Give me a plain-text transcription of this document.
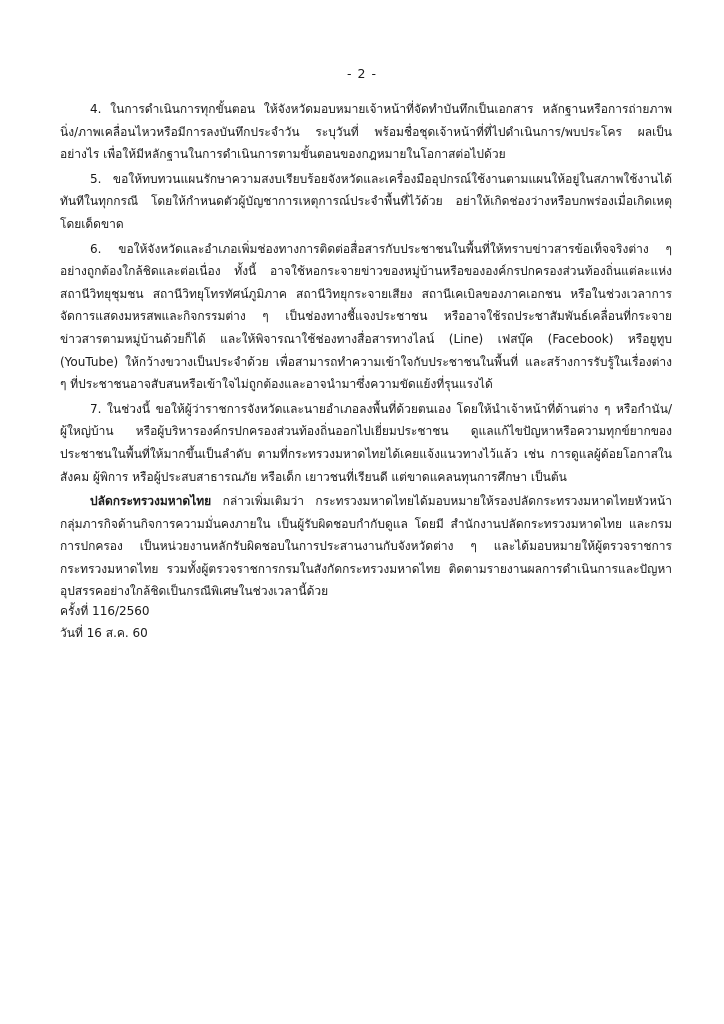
- 2 -

4. ในการดำเนินการทุกขั้นตอน ให้จังหวัดมอบหมายเจ้าหน้าที่จัดทำบันทึกเป็นเอกสาร หลักฐานหรือการถ่ายภาพนิ่ง/ภาพเคลื่อนไหวหรือมีการลงบันทึกประจำวัน ระบุวันที่ พร้อมชื่อชุดเจ้าหน้าที่ที่ไปดำเนินการ/พบประโคร ผลเป็นอย่างไร เพื่อให้มีหลักฐานในการดำเนินการตามขั้นตอนของกฎหมายในโอกาสต่อไปด้วย

5. ขอให้ทบทวนแผนรักษาความสงบเรียบร้อยจังหวัดและเครื่องมืออุปกรณ์ใช้งานตามแผนให้อยู่ในสภาพใช้งานได้ทันทีในทุกกรณี โดยให้กำหนดตัวผู้บัญชาการเหตุการณ์ประจำพื้นที่ไว้ด้วย อย่าให้เกิดช่องว่างหรือบกพร่องเมื่อเกิดเหตุโดยเด็ดขาด

6. ขอให้จังหวัดและอำเภอเพิ่มช่องทางการติดต่อสื่อสารกับประชาชนในพื้นที่ให้ทราบข่าวสารข้อเท็จจริงต่าง ๆ อย่างถูกต้องใกล้ชิดและต่อเนื่อง ทั้งนี้ อาจใช้หอกระจายข่าวของหมู่บ้านหรือขององค์กรปกครองส่วนท้องถิ่นแต่ละแห่ง สถานีวิทยุชุมชน สถานีวิทยุโทรทัศน์ภูมิภาค สถานีวิทยุกระจายเสียง สถานีเคเบิลของภาคเอกชน หรือในช่วงเวลาการจัดการแสดงมหรสพและกิจกรรมต่าง ๆ เป็นช่องทางชี้แจงประชาชน หรืออาจใช้รถประชาสัมพันธ์เคลื่อนที่กระจายข่าวสารตามหมู่บ้านด้วยก็ได้ และให้พิจารณาใช้ช่องทางสื่อสารทางไลน์ (Line) เฟสบุ๊ค (Facebook) หรือยูทูบ (YouTube) ให้กว้างขวางเป็นประจำด้วย เพื่อสามารถทำความเข้าใจกับประชาชนในพื้นที่ และสร้างการรับรู้ในเรื่องต่าง ๆ ที่ประชาชนอาจสับสนหรือเข้าใจไม่ถูกต้องและอาจนำมาซึ่งความขัดแย้งที่รุนแรงได้

7. ในช่วงนี้ ขอให้ผู้ว่าราชการจังหวัดและนายอำเภอลงพื้นที่ด้วยตนเอง โดยให้นำเจ้าหน้าที่ด้านต่าง ๆ หรือกำนัน/ผู้ใหญ่บ้าน หรือผู้บริหารองค์กรปกครองส่วนท้องถิ่นออกไปเยี่ยมประชาชน ดูแลแก้ไขปัญหาหรือความทุกข์ยากของประชาชนในพื้นที่ให้มากขึ้นเป็นลำดับ ตามที่กระทรวงมหาดไทยได้เคยแจ้งแนวทางไว้แล้ว เช่น การดูแลผู้ด้อยโอกาสในสังคม ผู้พิการ หรือผู้ประสบสาธารณภัย หรือเด็ก เยาวชนที่เรียนดี แต่ขาดแคลนทุนการศึกษา เป็นต้น

ปลัดกระทรวงมหาดไทย กล่าวเพิ่มเติมว่า กระทรวงมหาดไทยได้มอบหมายให้รองปลัดกระทรวงมหาดไทยหัวหน้ากลุ่มภารกิจด้านกิจการความมั่นคงภายใน เป็นผู้รับผิดชอบกำกับดูแล โดยมี สำนักงานปลัดกระทรวงมหาดไทย และกรมการปกครอง เป็นหน่วยงานหลักรับผิดชอบในการประสานงานกับจังหวัดต่าง ๆ และได้มอบหมายให้ผู้ตรวจราชการกระทรวงมหาดไทย รวมทั้งผู้ตรวจราชการกรมในสังกัดกระทรวงมหาดไทย ติดตามรายงานผลการดำเนินการและปัญหาอุปสรรคอย่างใกล้ชิดเป็นกรณีพิเศษในช่วงเวลานี้ด้วย

ครั้งที่ 116/2560
วันที่ 16 ส.ค. 60
